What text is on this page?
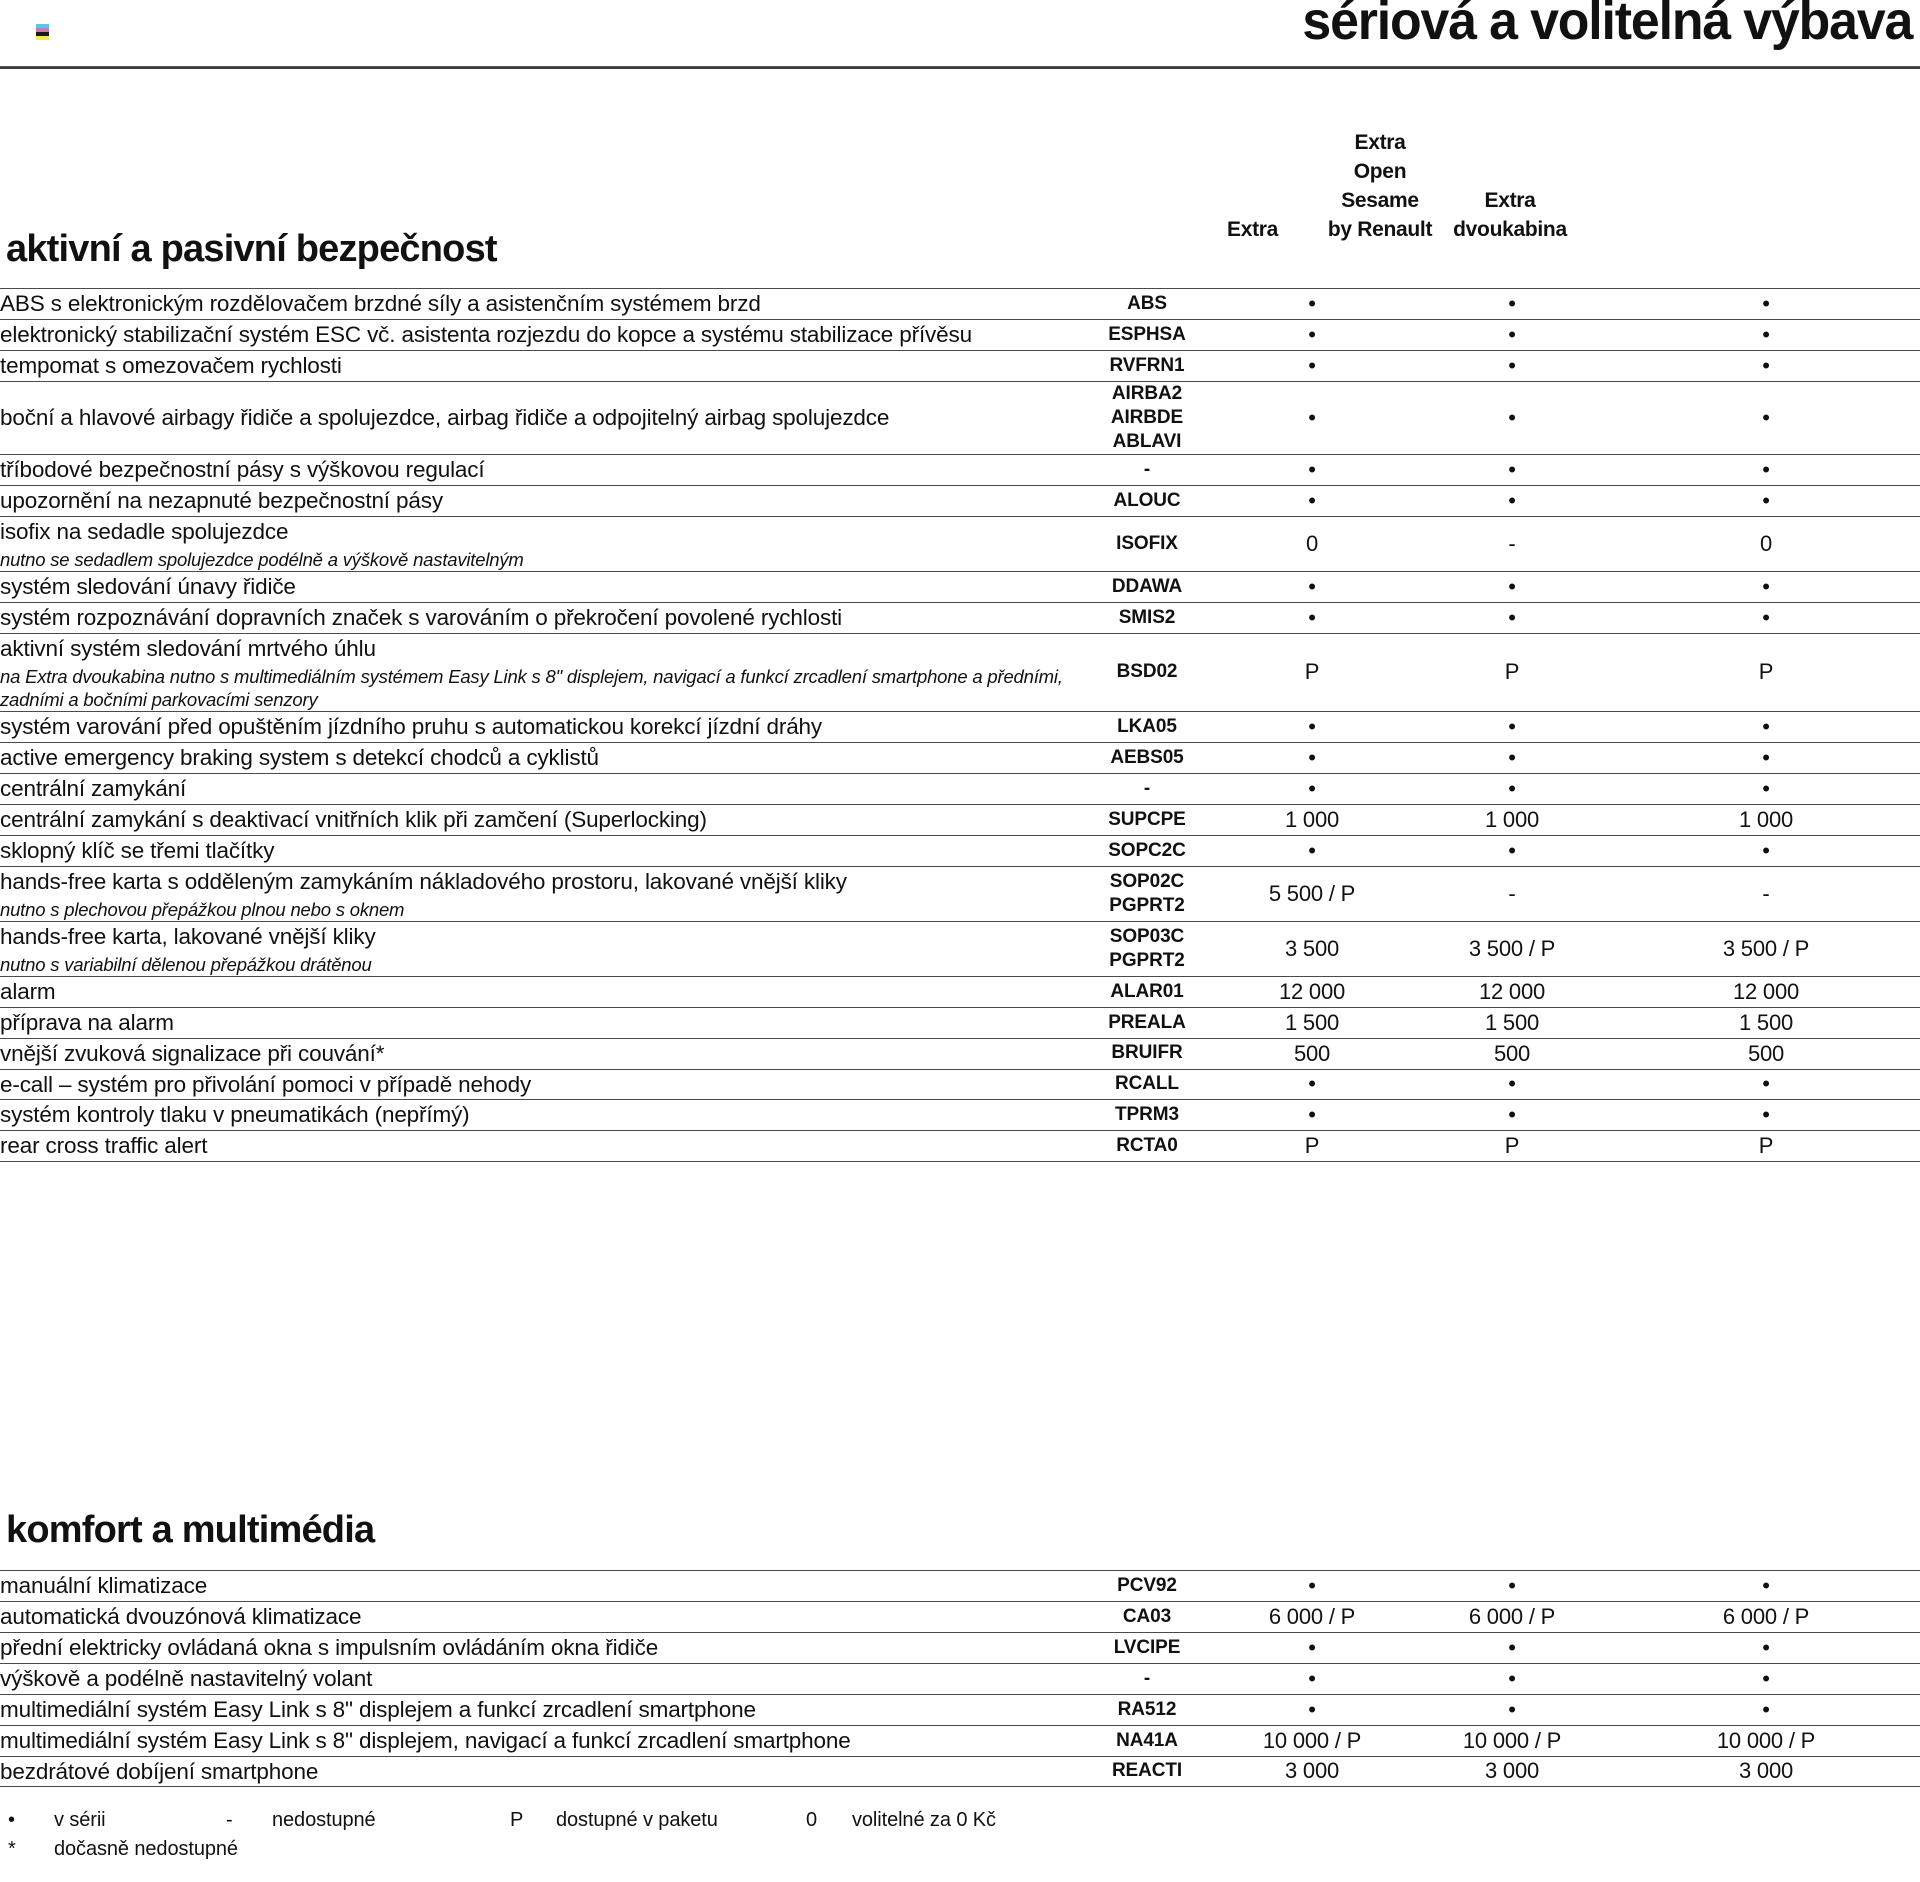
sériová a volitelná výbava
Extra
Extra
Open
Sesame
by Renault
Extra
dvoukabina
aktivní a pasivní bezpečnost
ABS s elektronickým rozdělovačem brzdné síly a asistenčním systémem brzd	ABS	•	•	•
elektronický stabilizační systém ESC vč. asistenta rozjezdu do kopce a systému stabilizace přívěsu	ESPHSA	•	•	•
tempomat s omezovačem rychlosti	RVFRN1	•	•	•
boční a hlavové airbagy řidiče a spolujezdce, airbag řidiče a odpojitelný airbag spolujezdce	AIRBA2
AIRBDE
ABLAVI	•	•	•
tříbodové bezpečnostní pásy s výškovou regulací	-	•	•	•
upozornění na nezapnuté bezpečnostní pásy	ALOUC	•	•	•
isofix na sedadle spolujezdce
nutno se sedadlem spolujezdce podélně a výškově nastavitelným	ISOFIX	0	-	0
systém sledování únavy řidiče	DDAWA	•	•	•
systém rozpoznávání dopravních značek s varováním o překročení povolené rychlosti	SMIS2	•	•	•
aktivní systém sledování mrtvého úhlu
na Extra dvoukabina nutno s multimediálním systémem Easy Link s 8" displejem, navigací a funkcí zrcadlení smartphone a předními, zadními a bočními parkovacími senzory	BSD02	P	P	P
systém varování před opuštěním jízdního pruhu s automatickou korekcí jízdní dráhy	LKA05	•	•	•
active emergency braking system s detekcí chodců a cyklistů	AEBS05	•	•	•
centrální zamykání	-	•	•	•
centrální zamykání s deaktivací vnitřních klik při zamčení (Superlocking)	SUPCPE	1 000	1 000	1 000
sklopný klíč se třemi tlačítky	SOPC2C	•	•	•
hands-free karta s odděleným zamykáním nákladového prostoru, lakované vnější kliky
nutno s plechovou přepážkou plnou nebo s oknem	SOP02C
PGPRT2	5 500 / P	-	-
hands-free karta, lakované vnější kliky
nutno s variabilní dělenou přepážkou drátěnou	SOP03C
PGPRT2	3 500	3 500 / P	3 500 / P
alarm	ALAR01	12 000	12 000	12 000
příprava na alarm	PREALA	1 500	1 500	1 500
vnější zvuková signalizace při couvání*	BRUIFR	500	500	500
e-call – systém pro přivolání pomoci v případě nehody	RCALL	•	•	•
systém kontroly tlaku v pneumatikách (nepřímý)	TPRM3	•	•	•
rear cross traffic alert	RCTA0	P	P	P
komfort a multimédia
manuální klimatizace	PCV92	•	•	•
automatická dvouzónová klimatizace	CA03	6 000 / P	6 000 / P	6 000 / P
přední elektricky ovládaná okna s impulsním ovládáním okna řidiče	LVCIPE	•	•	•
výškově a podélně nastavitelný volant	-	•	•	•
multimediální systém Easy Link s 8" displejem a funkcí zrcadlení smartphone	RA512	•	•	•
multimediální systém Easy Link s 8" displejem, navigací a funkcí zrcadlení smartphone	NA41A	10 000 / P	10 000 / P	10 000 / P
bezdrátové dobíjení smartphone	REACTI	3 000	3 000	3 000
•	v sérii	-	nedostupné	P	dostupné v paketu	0	volitelné za 0 Kč
*	dočasně nedostupné
